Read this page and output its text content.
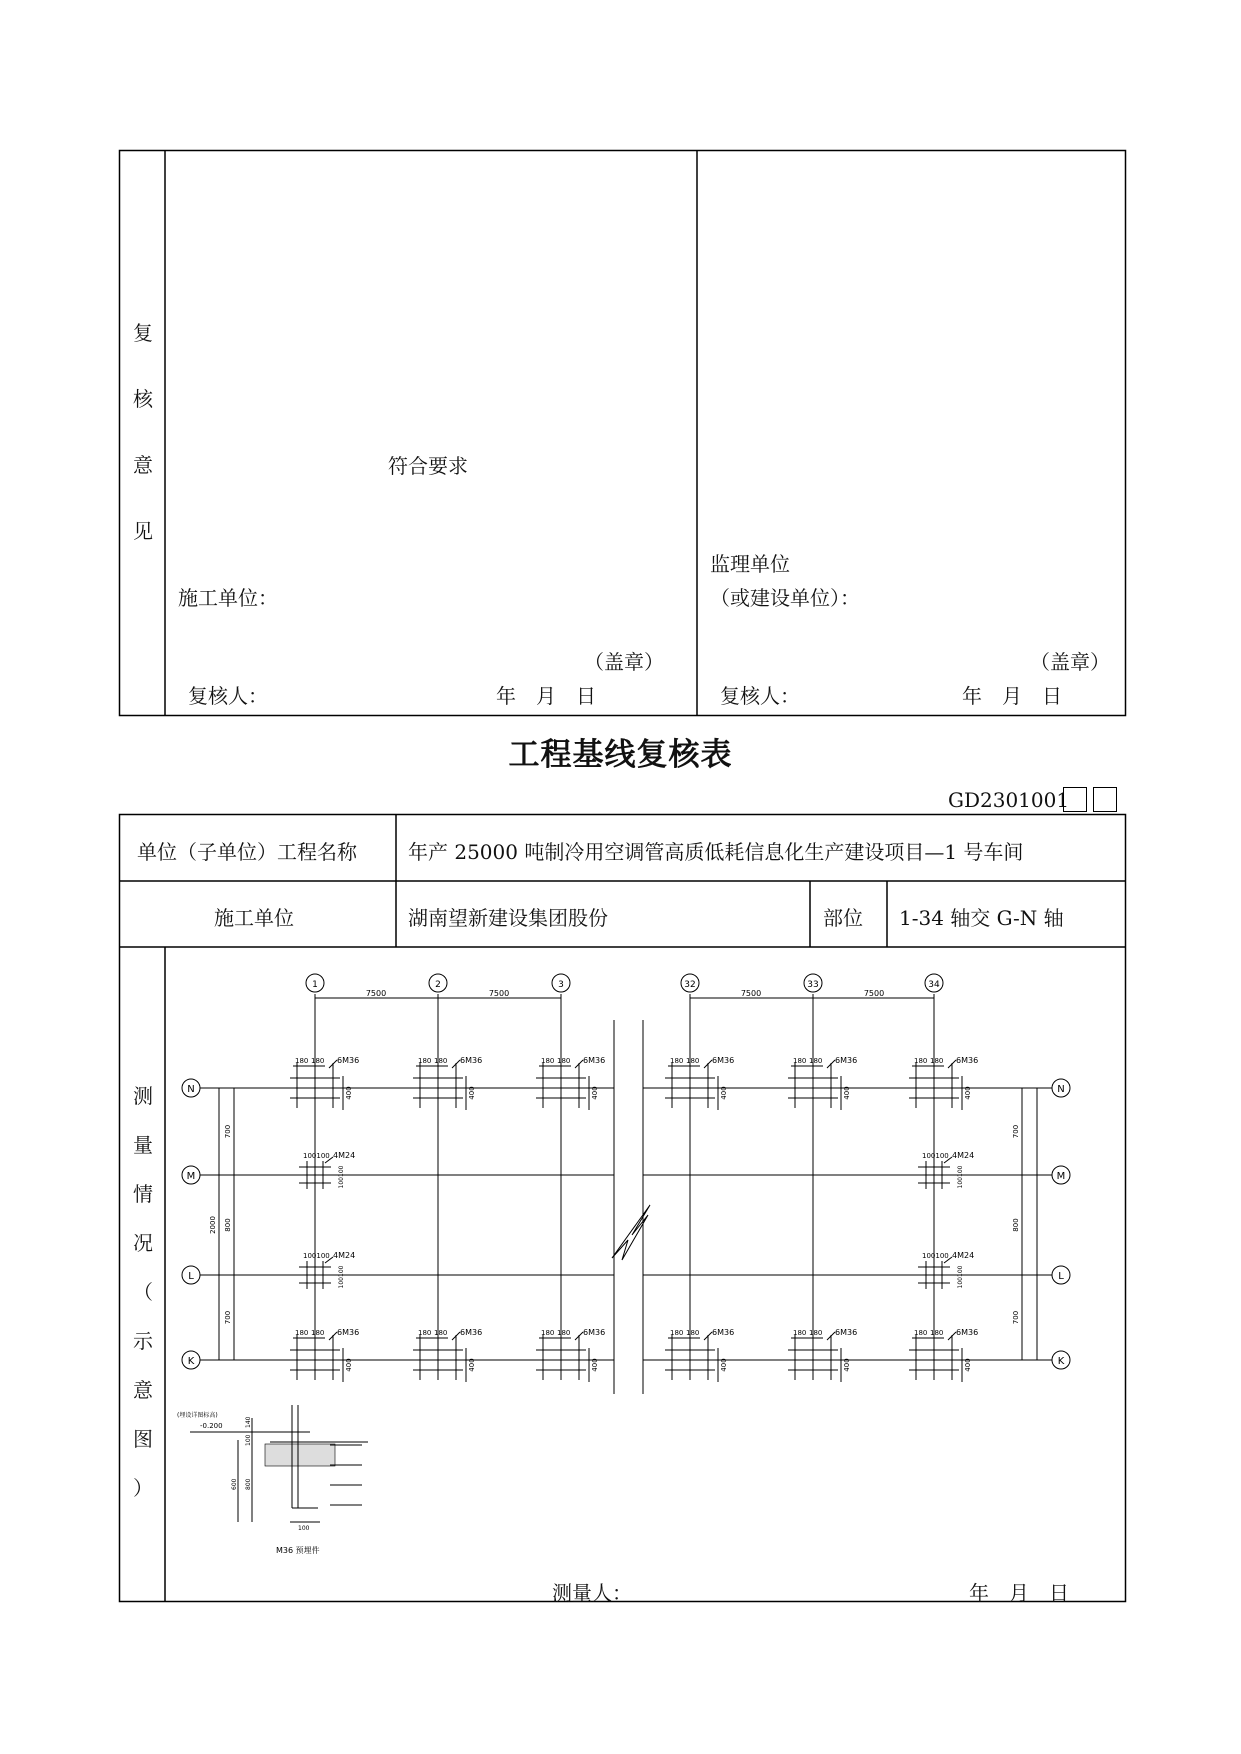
复
核
意
见
符合要求
施工单位：
（盖章）
复核人：	年　月　日
监理单位
（或建设单位）：
（盖章）
复核人：	年　月　日
工程基线复核表
GD2301001
单位（子单位）工程名称	年产 25000 吨制冷用空调管高质低耗信息化生产建设项目—1 号车间
施工单位	湖南望新建设集团股份	部位 1-34 轴交 G-N 轴
测
量
情
况
（
示
意
图
）
1	2	3	32	33	34
7500	7500	7500	7500
N	N
M	M
L	L
K	K
700
800
700
2000
700
800
700
180 180 6M36
400
180 180 6M36
400
180 180 6M36
400
180 180 6M36
400
180 180 6M36
400
180 180 6M36
400
180 180 6M36
400
180 180 6M36
400
180 180 6M36
400
180 180 6M36
400
180 180 6M36
400
180 180 6M36
400
100100 4M24
100100
100100 4M24
100100
100100 4M24
100100
100100 4M24
100100
(埋设详图标高)
-0.200	140
100
800
600
100
M36 预埋件
测量人：	年　月　日
